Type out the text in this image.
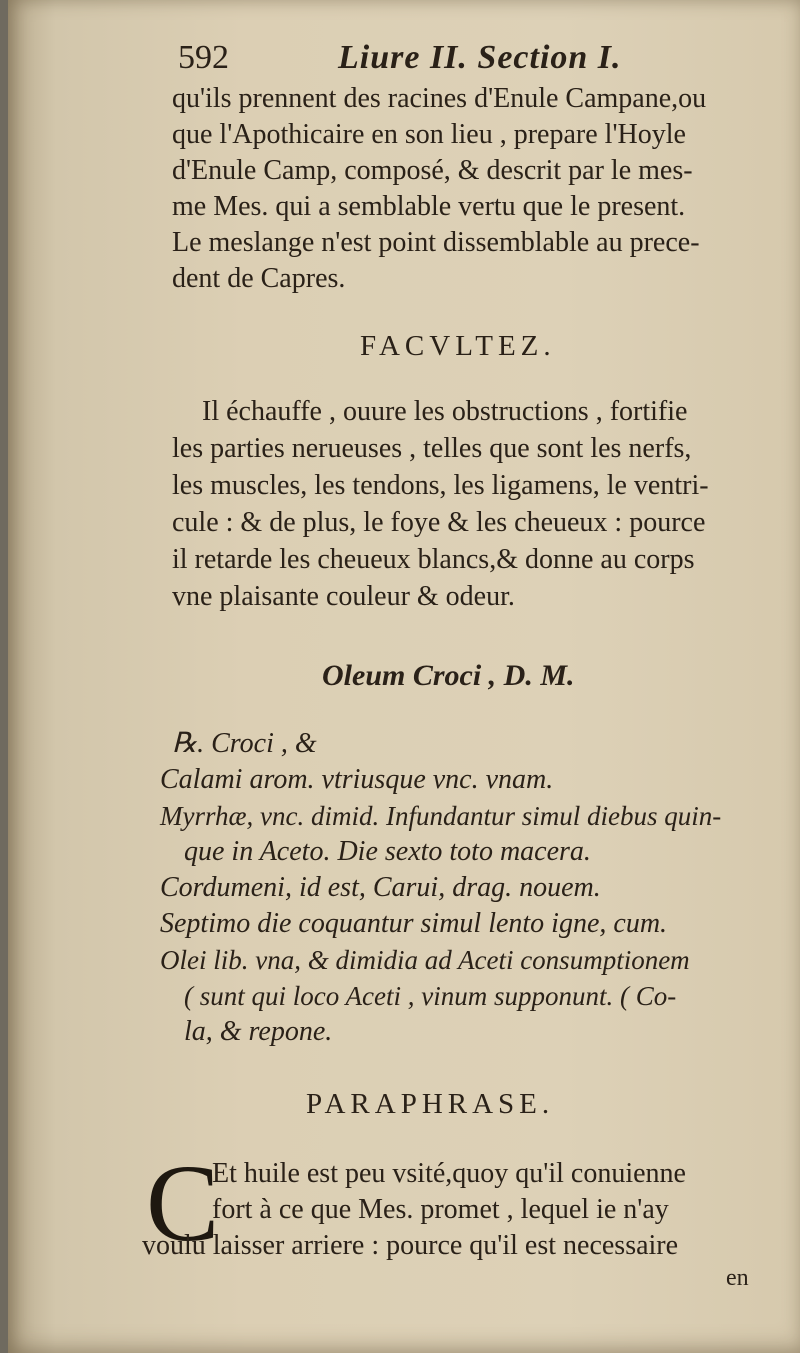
592	Liure II. Section I.

qu'ils prennent des racines d'Enule Campane,ou

que l'Apothicaire en son lieu , prepare l'Hoyle

d'Enule Camp, composé, & descrit par le mes-

me Mes. qui a semblable vertu que le present.

Le meslange n'est point dissemblable au prece-

dent de Capres.

FACVLTEZ.

Il échauffe , ouure les obstructions , fortifie

les parties nerueuses , telles que sont les nerfs,

les muscles, les tendons, les ligamens, le ventri-

cule : & de plus, le foye & les cheueux : pource

il retarde les cheueux blancs,& donne au corps

vne plaisante couleur & odeur.

Oleum Croci , D. M.

℞. Croci , &

Calami arom. vtriusque vnc. vnam.

Myrrhæ, vnc. dimid. Infundantur simul diebus quin-

que in Aceto. Die sexto toto macera.

Cordumeni, id est, Carui, drag. nouem.

Septimo die coquantur simul lento igne, cum.

Olei lib. vna, & dimidia ad Aceti consumptionem

( sunt qui loco Aceti , vinum supponunt. ( Co-

la, & repone.

PARAPHRASE.

C

Et huile est peu vsité,quoy qu'il conuienne

fort à ce que Mes. promet , lequel ie n'ay

voulu laisser arriere : pource qu'il est necessaire

en
